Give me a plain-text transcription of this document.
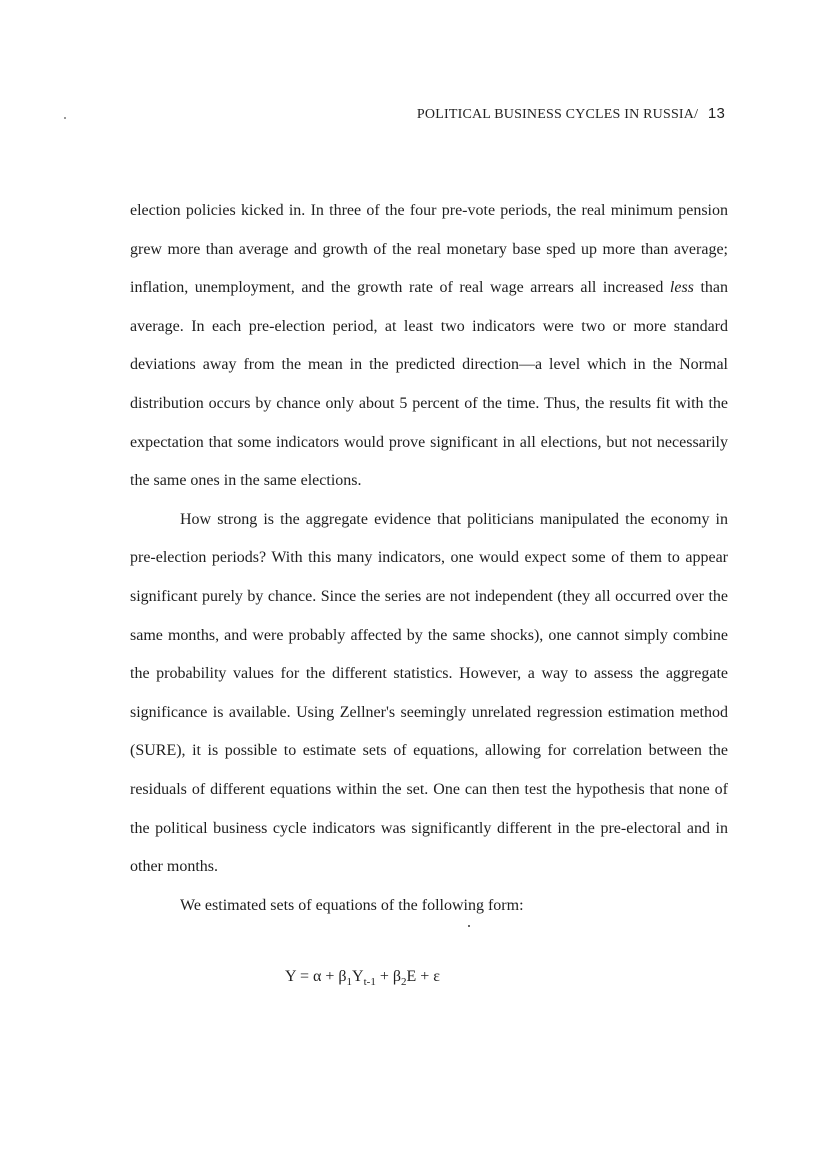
POLITICAL BUSINESS CYCLES IN RUSSIA/ 13

election policies kicked in. In three of the four pre-vote periods, the real minimum pension grew more than average and growth of the real monetary base sped up more than average; inflation, unemployment, and the growth rate of real wage arrears all increased less than average. In each pre-election period, at least two indicators were two or more standard deviations away from the mean in the predicted direction—a level which in the Normal distribution occurs by chance only about 5 percent of the time. Thus, the results fit with the expectation that some indicators would prove significant in all elections, but not necessarily the same ones in the same elections.

How strong is the aggregate evidence that politicians manipulated the economy in pre-election periods? With this many indicators, one would expect some of them to appear significant purely by chance. Since the series are not independent (they all occurred over the same months, and were probably affected by the same shocks), one cannot simply combine the probability values for the different statistics. However, a way to assess the aggregate significance is available. Using Zellner's seemingly unrelated regression estimation method (SURE), it is possible to estimate sets of equations, allowing for correlation between the residuals of different equations within the set. One can then test the hypothesis that none of the political business cycle indicators was significantly different in the pre-electoral and in other months.

We estimated sets of equations of the following form:

$Y = \alpha + \beta_1Y_{t-1} + \beta_2E + \varepsilon$
